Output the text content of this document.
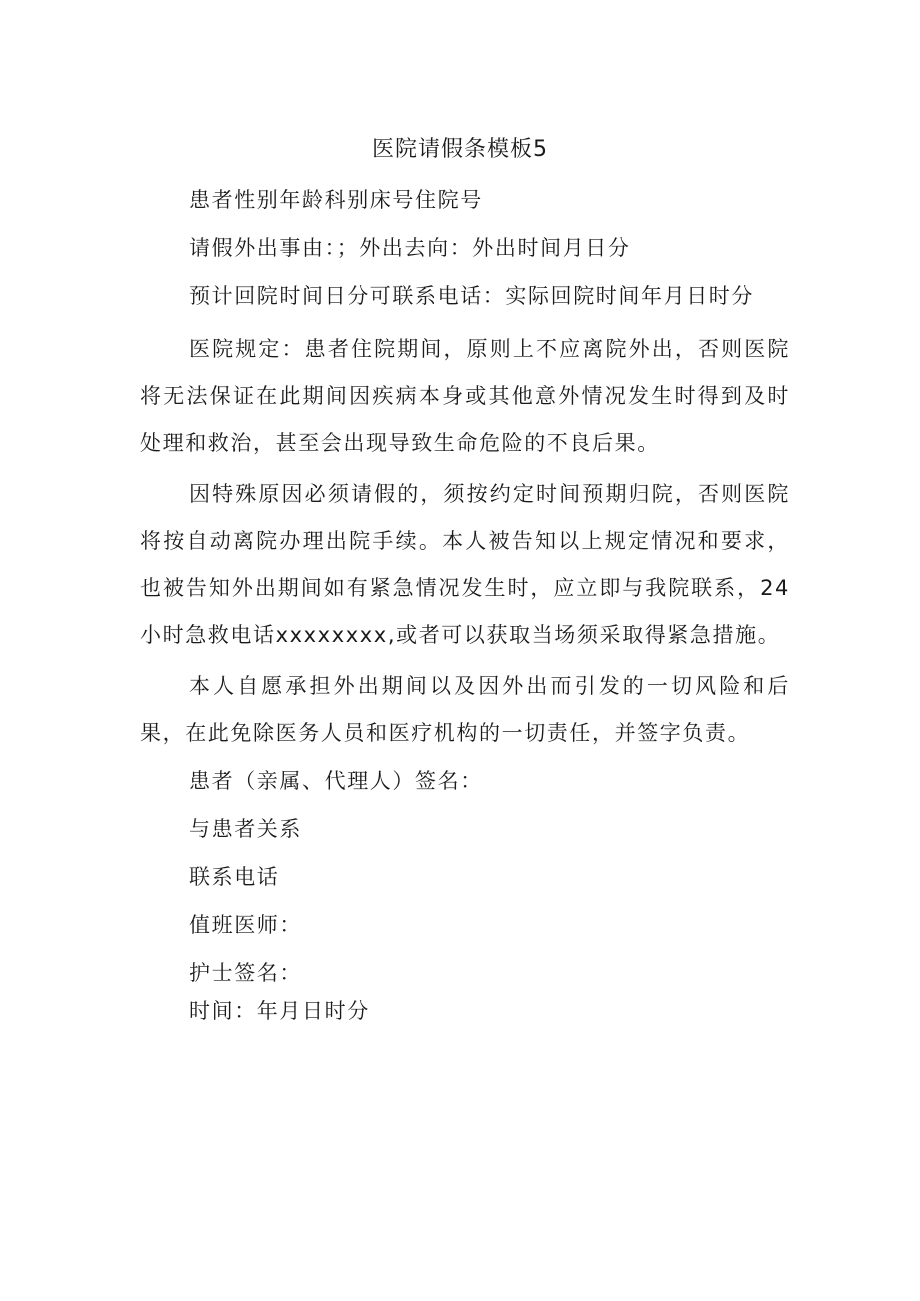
医院请假条模板5
患者性别年龄科别床号住院号
请假外出事由：；外出去向：外出时间月日分
预计回院时间日分可联系电话：实际回院时间年月日时分

医院规定：患者住院期间，原则上不应离院外出，否则医院将无法保证在此期间因疾病本身或其他意外情况发生时得到及时处理和救治，甚至会出现导致生命危险的不良后果。

因特殊原因必须请假的，须按约定时间预期归院，否则医院将按自动离院办理出院手续。本人被告知以上规定情况和要求，也被告知外出期间如有紧急情况发生时，应立即与我院联系，24小时急救电话xxxxxxxx,或者可以获取当场须采取得紧急措施。

本人自愿承担外出期间以及因外出而引发的一切风险和后果，在此免除医务人员和医疗机构的一切责任，并签字负责。

患者（亲属、代理人）签名：
与患者关系
联系电话
值班医师：
护士签名：
时间：年月日时分
